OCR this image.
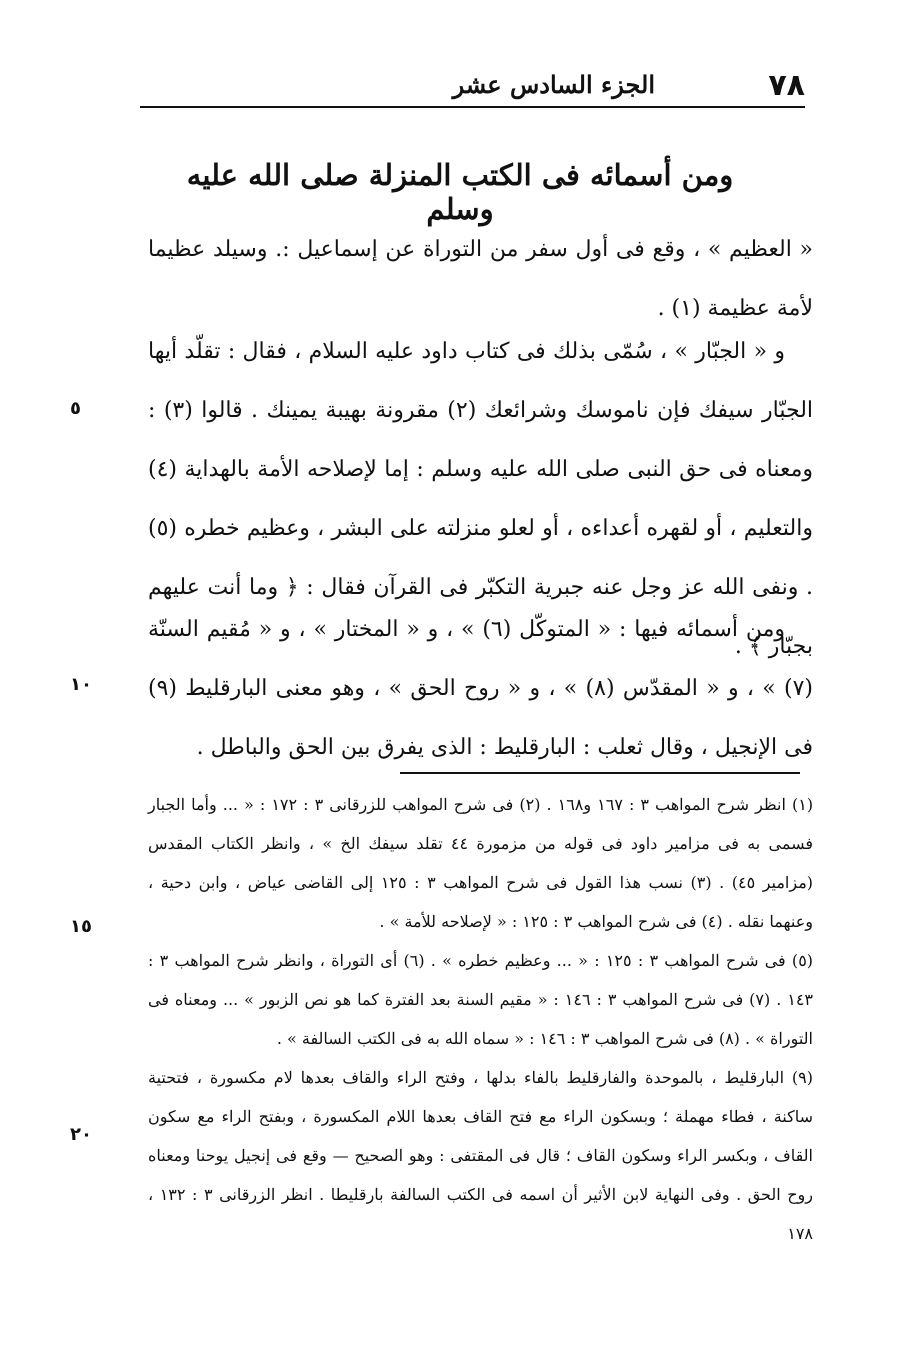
٧٨
الجزء السادس عشر
ومن أسمائه فى الكتب المنزلة صلى الله عليه وسلم
« العظيم » ، وقع فى أول سفر من التوراة عن إسماعيل :. وسيلد عظيما لأمة عظيمة (١) .
و « الجبّار » ، سُمّى بذلك فى كتاب داود عليه السلام ، فقال : تقلّد أيها الجبّار سيفك فإن ناموسك وشرائعك (٢) مقرونة بهيبة يمينك . قالوا (٣) : ومعناه فى حق النبى صلى الله عليه وسلم : إما لإصلاحه الأمة بالهداية (٤) والتعليم ، أو لقهره أعداءه ، أو لعلو منزلته على البشر ، وعظيم خطره (٥) . ونفى الله عز وجل عنه جبرية التكبّر فى القرآن فقال : ﴿ وما أنت عليهم بجبّار ﴾ .
ومن أسمائه فيها : « المتوكّل (٦) » ، و « المختار » ، و « مُقيم السنّة (٧) » ، و « المقدّس (٨) » ، و « روح الحق » ، وهو معنى البارقليط (٩) فى الإنجيل ، وقال ثعلب : البارقليط : الذى يفرق بين الحق والباطل .
٥
١٠
١٥
٢٠

(١) انظر شرح المواهب ٣ : ١٦٧ و١٦٨ . (٢) فى شرح المواهب للزرقانى ٣ : ١٧٢ : « ... وأما الجبار فسمى به فى مزامير داود فى قوله من مزمورة ٤٤ تقلد سيفك الخ » ، وانظر الكتاب المقدس (مزامير ٤٥) . (٣) نسب هذا القول فى شرح المواهب ٣ : ١٢٥ إلى القاضى عياض ، وابن دحية ، وعنهما نقله . (٤) فى شرح المواهب ٣ : ١٢٥ : « لإصلاحه للأمة » .

(٥) فى شرح المواهب ٣ : ١٢٥ : « ... وعظيم خطره » . (٦) أى التوراة ، وانظر شرح المواهب ٣ : ١٤٣ . (٧) فى شرح المواهب ٣ : ١٤٦ : « مقيم السنة بعد الفترة كما هو نص الزبور » ... ومعناه فى التوراة » . (٨) فى شرح المواهب ٣ : ١٤٦ : « سماه الله به فى الكتب السالفة » .

(٩) البارقليط ، بالموحدة والفارقليط بالفاء بدلها ، وفتح الراء والقاف بعدها لام مكسورة ، فتحتية ساكنة ، فطاء مهملة ؛ وبسكون الراء مع فتح القاف بعدها اللام المكسورة ، وبفتح الراء مع سكون القاف ، وبكسر الراء وسكون القاف ؛ قال فى المقتفى : وهو الصحيح — وقع فى إنجيل يوحنا ومعناه روح الحق . وفى النهاية لابن الأثير أن اسمه فى الكتب السالفة بارقليطا . انظر الزرقانى ٣ : ١٣٢ ، ١٧٨
